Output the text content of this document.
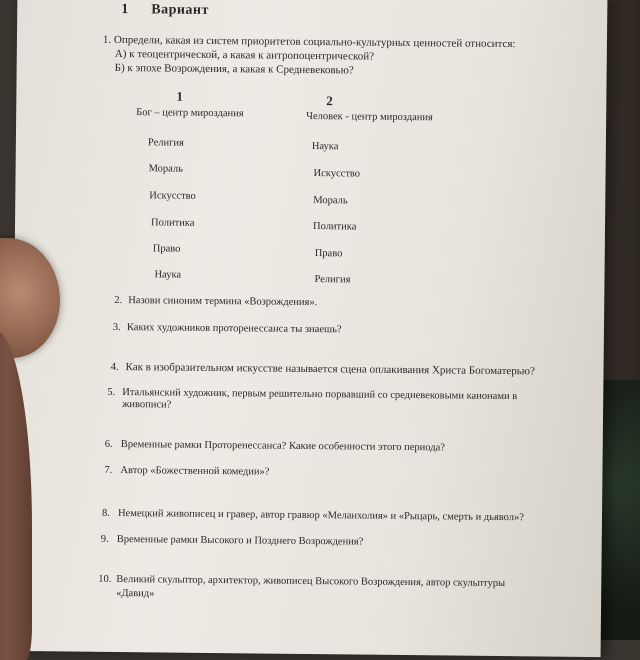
1 Вариант
1. Определи, какая из систем приоритетов социально-культурных ценностей относится:
А) к теоцентрической, а какая к антропоцентрической?
Б) к эпохе Возрождения, а какая к Средневековью?
1
Бог – центр мироздания
Религия
Мораль
Искусство
Политика
Право
Наука
2
Человек - центр мироздания
Наука
Искусство
Мораль
Политика
Право
Религия
2. Назови синоним термина «Возрождения».
3. Каких художников проторенессанса ты знаешь?
4. Как в изобразительном искусстве называется сцена оплакивания Христа Богоматерью?
5. Итальянский художник, первым решительно порвавший со средневековыми канонами в
живописи?
6. Временные рамки Проторенессанса? Какие особенности этого периода?
7. Автор «Божественной комедии»?
8. Немецкий живописец и гравер, автор гравюр «Меланхолия» и «Рыцарь, смерть и дьявол»?
9. Временные рамки Высокого и Позднего Возрождения?
10. Великий скульптор, архитектор, живописец Высокого Возрождения, автор скульптуры
«Давид»
